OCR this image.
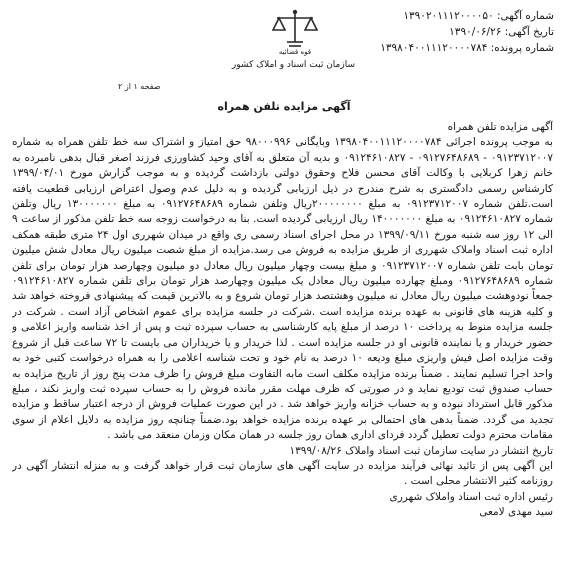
شماره آگهی: ۱۳۹۰۲۰۱۱۱۲۰۰۰۰۵۰
تاریخ آگهی: ۱۳۹۰/۰۶/۲۶
شماره پرونده: ۱۳۹۸۰۴۰۰۱۱۱۲۰۰۰۰۷۸۴
قوه قضائیه
سازمان ثبت اسناد و املاک کشور
صفحه ۱ از ۲
آگهی مزایده تلفن همراه

آگهی مزایده تلفن همراه

به موجب پرونده اجرائی ۱۳۹۸۰۴۰۰۱۱۱۲۰۰۰۰۷۸۴ وبایگانی ۹۸۰۰۰۹۹۶ حق امتیاز و اشتراک سه خط تلفن همراه به شماره ۰۹۱۲۳۷۱۲۰۰۷ - ۰۹۱۲۷۶۴۸۶۸۹ - ۰۹۱۲۴۶۱۰۸۲۷ و بدیه آن متعلق به آقای وحید کشاورزی فرزند اصغر قبال بدهی نامبرده به خانم زهرا کربلایی با وکالت آقای محسن فلاح وحقوق دولتی بازداشت گردیده و به موجب گزارش مورخ ۱۳۹۹/۰۴/۰۱ کارشناس رسمی دادگستری به شرح مندرج در ذیل ارزیابی گردیده و به دلیل عدم وصول اعتراض ارزیابی قطعیت یافته است.تلفن شماره ۰۹۱۲۳۷۱۲۰۰۷ به مبلغ ۲۰۰۰۰۰۰۰۰ریال وتلفن شماره ۰۹۱۲۷۶۴۸۶۸۹ به مبلغ ۱۳۰۰۰۰۰۰۰ ریال وتلفن شماره ۰۹۱۲۴۶۱۰۸۲۷ به مبلغ ۱۴۰۰۰۰۰۰۰ ریال ارزیابی گردیده است. بنا به درخواست زوجه سه خط تلفن مذکور از ساعت ۹ الی ۱۲ روز سه شنبه مورخ ۱۳۹۹/۰۹/۱۱ در محل اجرای اسناد رسمی ری واقع در میدان شهرری اول ۲۴ متری طبقه همکف اداره ثبت اسناد واملاک شهرری از طریق مزایده به فروش می رسد.مزایده از مبلغ شصت میلیون ریال معادل شش میلیون تومان بابت تلفن شماره ۰۹۱۲۳۷۱۲۰۰۷ و مبلغ بیست وچهار میلیون ریال معادل دو میلیون وچهارصد هزار تومان برای تلفن شماره ۰۹۱۲۷۶۴۸۶۸۹ ومبلغ چهارده میلیون ریال معادل یک میلیون وچهارصد هزار تومان برای تلفن شماره ۰۹۱۲۴۶۱۰۸۲۷ جمعاً نودوهشت میلیون ریال معادل نه میلیون وهشتصد هزار تومان شروع و به بالاترین قیمت که پیشنهادی فروخته خواهد شد و کلیه هزینه های قانونی به عهده برنده مزایده است .شرکت در جلسه مزایده برای عموم اشخاص آزاد است . شرکت در جلسه مزایده منوط به پرداخت ۱۰ درصد از مبلغ پایه کارشناسی به حساب سپرده ثبت و پس از اخذ شناسه واریز اعلامی و حضور خریدار و یا نماینده قانونی او در جلسه مزایده است . لذا خریدار و یا خریداران می بایست تا ۷۲ ساعت قبل از شروع وقت مزایده اصل فیش واریزی مبلغ ودیعه ۱۰ درصد به نام خود و تحت شناسه اعلامی را به همراه درخواست کتبی خود به واحد اجرا تسلیم نمایند . ضمناً برنده مزایده مکلف است مابه التفاوت مبلغ فروش را ظرف مدت پنج روز از تاریخ مزایده به حساب صندوق ثبت تودیع نماید و در صورتی که ظرف مهلت مقرر مانده فروش را به حساب سپرده ثبت واریز نکند ، مبلغ مذکور قابل استرداد نبوده و به حساب خزانه واریز خواهد شد . در این صورت عملیات فروش از درجه اعتبار ساقط و مزایده تجدید می گردد. ضمناً بدهی های احتمالی بر عهده برنده مزایده خواهد بود.ضمناً چنانچه روز مزایده به دلایل اعلام از سوی مقامات محترم دولت تعطیل گردد فردای اداری همان روز جلسه در همان مکان وزمان منعقد می باشد .

تاریخ انتشار در سایت سازمان ثبت اسناد واملاک ۱۳۹۹/۰۸/۲۶

این آگهی پس از تائید نهائی فرآیند مزایده در سایت آگهی های سازمان ثبت قرار خواهد گرفت و به منزله انتشار آگهی در روزنامه کثیر الانتشار محلی است .

رئیس اداره ثبت اسناد واملاک شهرری

سید مهدی لامعی
